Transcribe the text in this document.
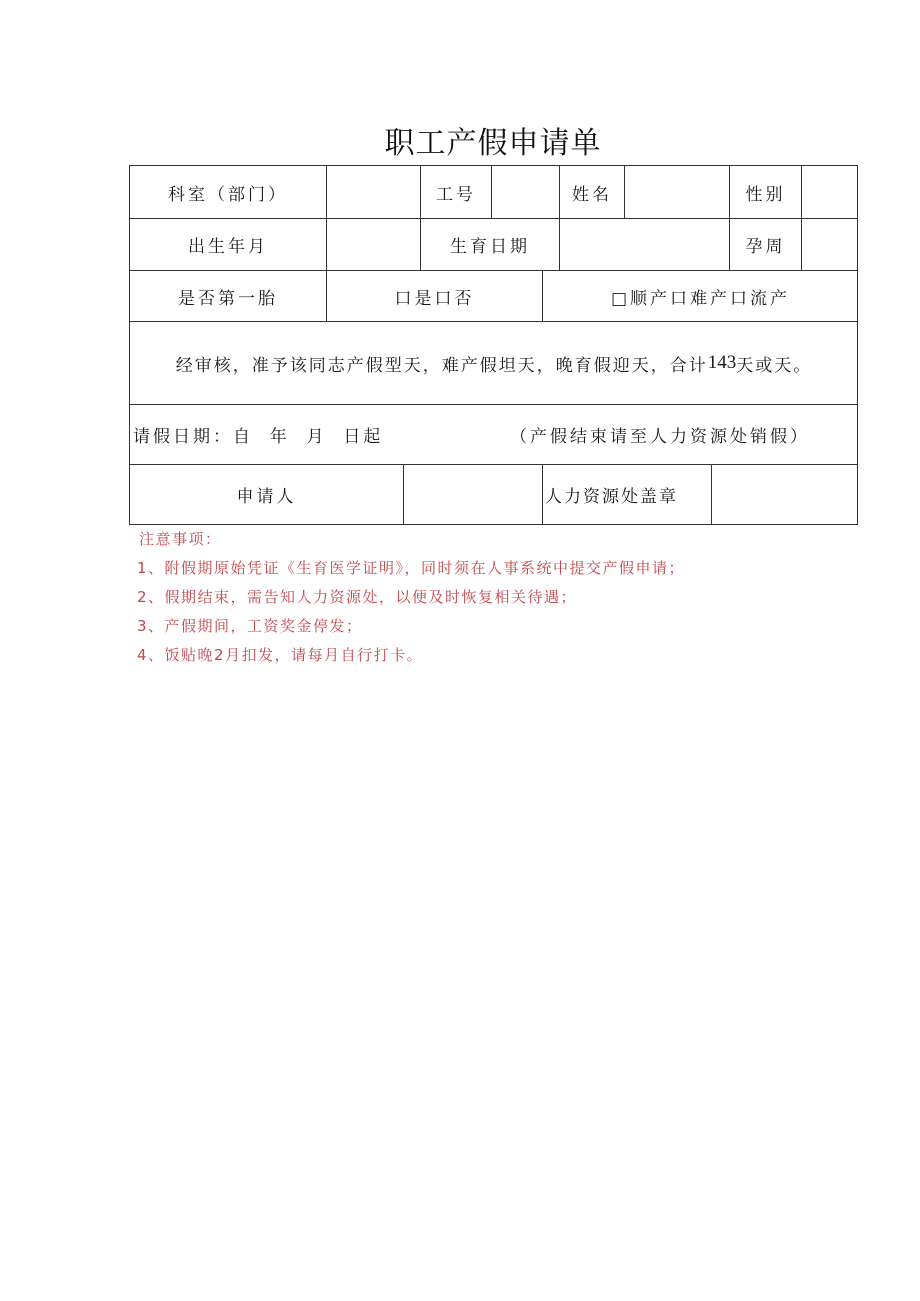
职工产假申请单
科室（部门）	工号	姓名	性别
出生年月	生育日期	孕周
是否第一胎	口是口否	□顺产口难产口流产
经审核，准予该同志产假型天，难产假坦天，晚育假迎天，合计 143 天或天。
请假日期：自  年  月  日起	（产假结束请至人力资源处销假）
申请人	人力资源处盖章
注意事项：
1、附假期原始凭证《生育医学证明》，同时须在人事系统中提交产假申请；
2、假期结束，需告知人力资源处，以便及时恢复相关待遇；
3、产假期间，工资奖金停发；
4、饭贴晚2月扣发，请每月自行打卡。
